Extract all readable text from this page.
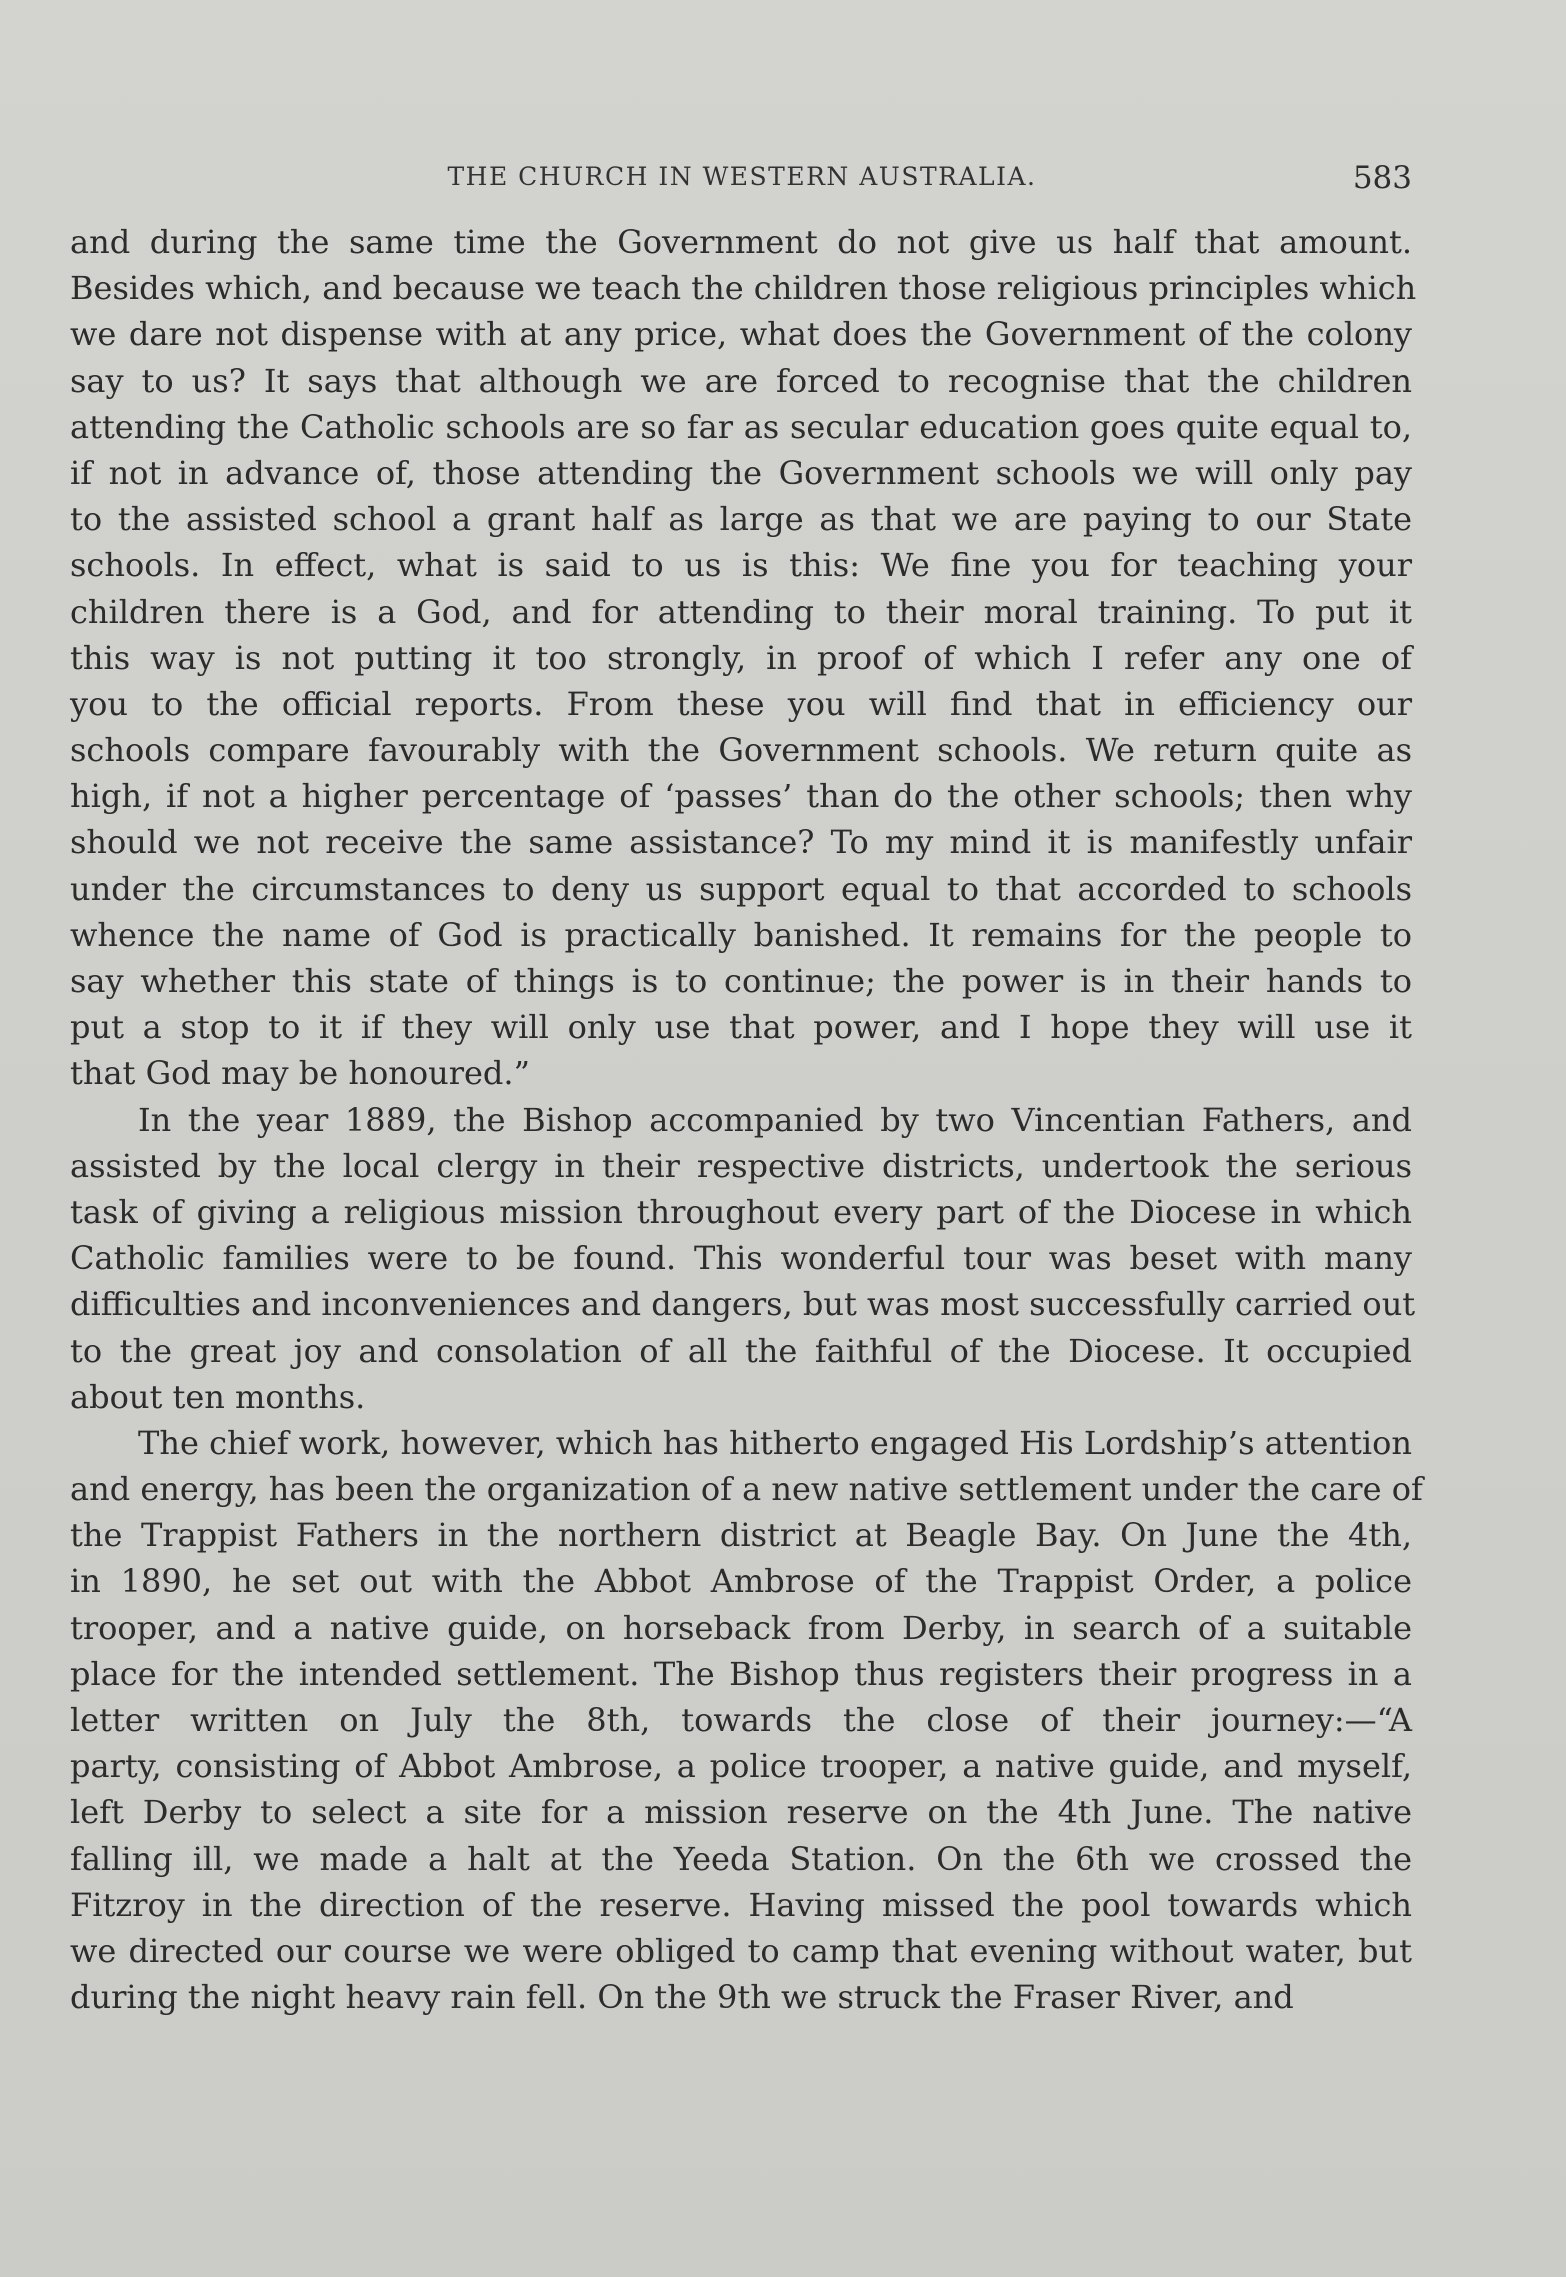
THE CHURCH IN WESTERN AUSTRALIA.	583
and during the same time the Government do not give us half that amount.
Besides which, and because we teach the children those religious principles which
we dare not dispense with at any price, what does the Government of the colony
say to us? It says that although we are forced to recognise that the children
attending the Catholic schools are so far as secular education goes quite equal to,
if not in advance of, those attending the Government schools we will only pay
to the assisted school a grant half as large as that we are paying to our State
schools. In effect, what is said to us is this: We fine you for teaching your
children there is a God, and for attending to their moral training. To put it
this way is not putting it too strongly, in proof of which I refer any one of
you to the official reports. From these you will find that in efficiency our
schools compare favourably with the Government schools. We return quite as
high, if not a higher percentage of ‘passes’ than do the other schools; then why
should we not receive the same assistance? To my mind it is manifestly unfair
under the circumstances to deny us support equal to that accorded to schools
whence the name of God is practically banished. It remains for the people to
say whether this state of things is to continue; the power is in their hands to
put a stop to it if they will only use that power, and I hope they will use it
that God may be honoured.”
In the year 1889, the Bishop accompanied by two Vincentian Fathers, and
assisted by the local clergy in their respective districts, undertook the serious
task of giving a religious mission throughout every part of the Diocese in which
Catholic families were to be found. This wonderful tour was beset with many
difficulties and inconveniences and dangers, but was most successfully carried out
to the great joy and consolation of all the faithful of the Diocese. It occupied
about ten months.
The chief work, however, which has hitherto engaged His Lordship’s attention
and energy, has been the organization of a new native settlement under the care of
the Trappist Fathers in the northern district at Beagle Bay. On June the 4th,
in 1890, he set out with the Abbot Ambrose of the Trappist Order, a police
trooper, and a native guide, on horseback from Derby, in search of a suitable
place for the intended settlement. The Bishop thus registers their progress in a
letter written on July the 8th, towards the close of their journey:—“A
party, consisting of Abbot Ambrose, a police trooper, a native guide, and myself,
left Derby to select a site for a mission reserve on the 4th June. The native
falling ill, we made a halt at the Yeeda Station. On the 6th we crossed the
Fitzroy in the direction of the reserve. Having missed the pool towards which
we directed our course we were obliged to camp that evening without water, but
during the night heavy rain fell. On the 9th we struck the Fraser River, and
